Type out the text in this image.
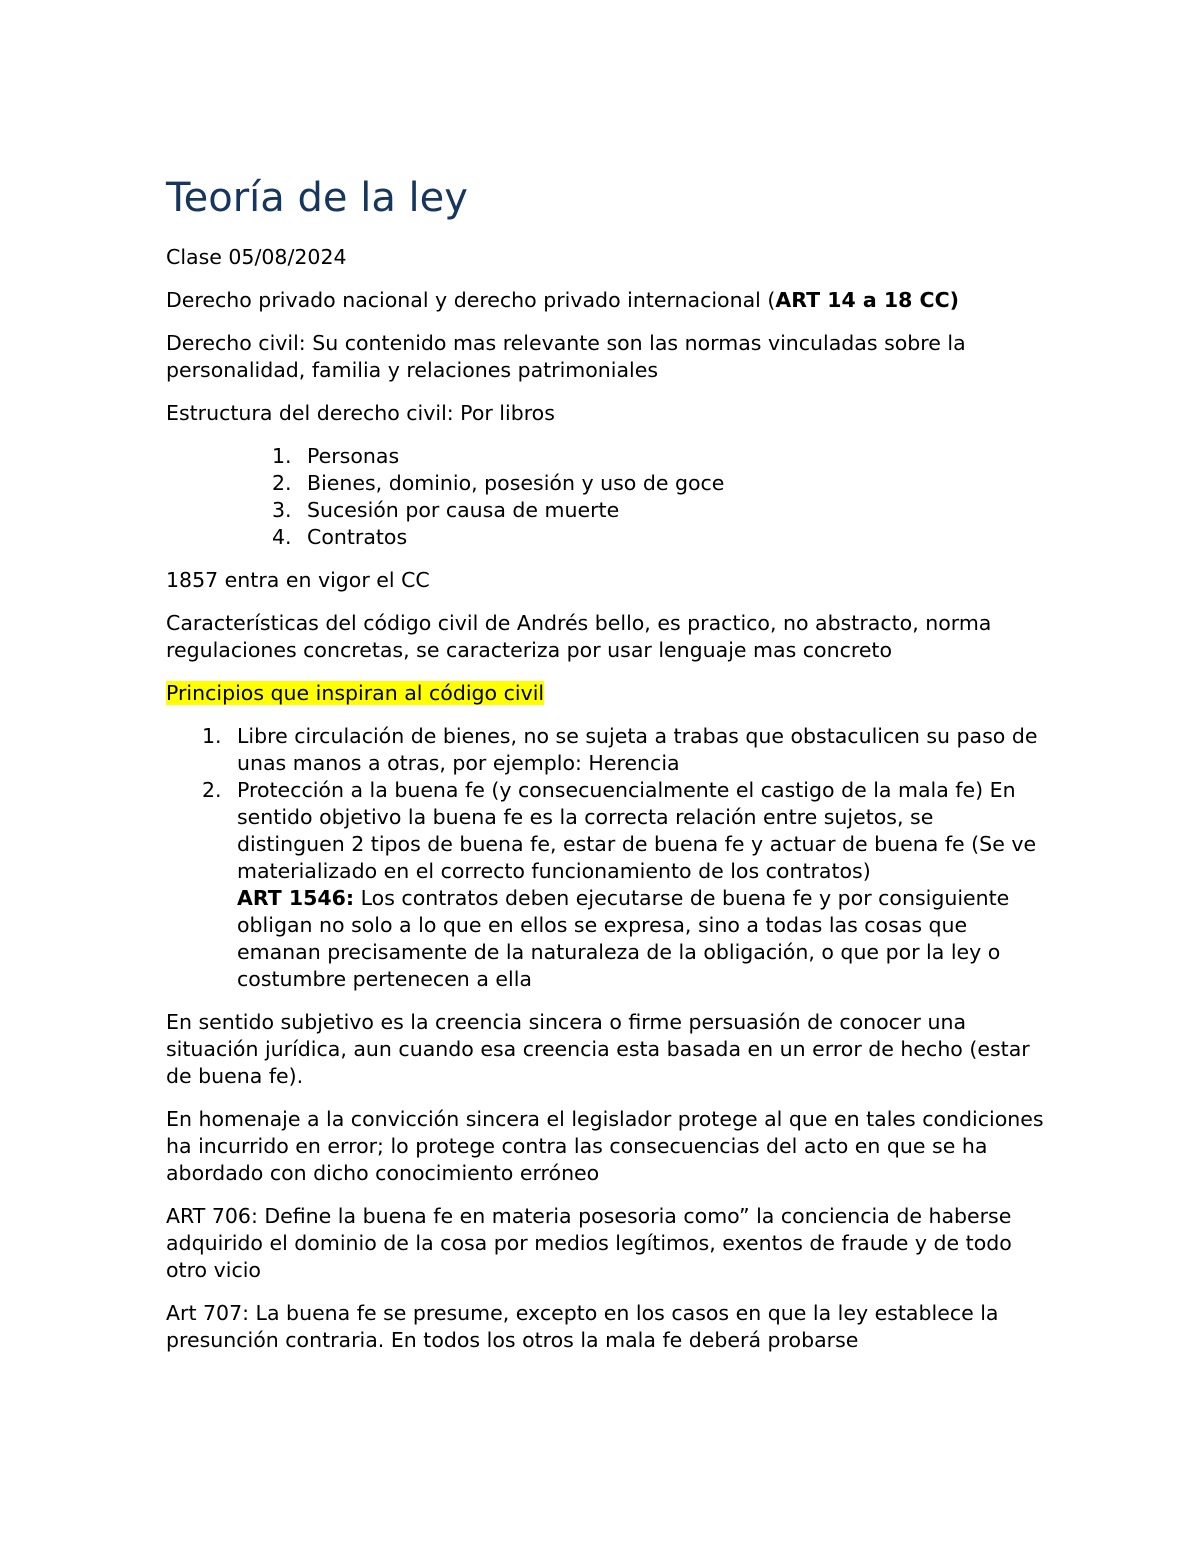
Teoría de la ley

Clase 05/08/2024

Derecho privado nacional y derecho privado internacional (ART 14 a 18 CC)

Derecho civil: Su contenido mas relevante son las normas vinculadas sobre la personalidad, familia y relaciones patrimoniales

Estructura del derecho civil: Por libros

1. Personas
2. Bienes, dominio, posesión y uso de goce
3. Sucesión por causa de muerte
4. Contratos

1857 entra en vigor el CC

Características del código civil de Andrés bello, es practico, no abstracto, norma regulaciones concretas, se caracteriza por usar lenguaje mas concreto

Principios que inspiran al código civil

1. Libre circulación de bienes, no se sujeta a trabas que obstaculicen su paso de unas manos a otras, por ejemplo: Herencia
2. Protección a la buena fe (y consecuencialmente el castigo de la mala fe) En sentido objetivo la buena fe es la correcta relación entre sujetos, se distinguen 2 tipos de buena fe, estar de buena fe y actuar de buena fe (Se ve materializado en el correcto funcionamiento de los contratos)
ART 1546: Los contratos deben ejecutarse de buena fe y por consiguiente obligan no solo a lo que en ellos se expresa, sino a todas las cosas que emanan precisamente de la naturaleza de la obligación, o que por la ley o costumbre pertenecen a ella

En sentido subjetivo es la creencia sincera o firme persuasión de conocer una situación jurídica, aun cuando esa creencia esta basada en un error de hecho (estar de buena fe).

En homenaje a la convicción sincera el legislador protege al que en tales condiciones ha incurrido en error; lo protege contra las consecuencias del acto en que se ha abordado con dicho conocimiento erróneo

ART 706: Define la buena fe en materia posesoria como” la conciencia de haberse adquirido el dominio de la cosa por medios legítimos, exentos de fraude y de todo otro vicio

Art 707: La buena fe se presume, excepto en los casos en que la ley establece la presunción contraria. En todos los otros la mala fe deberá probarse
